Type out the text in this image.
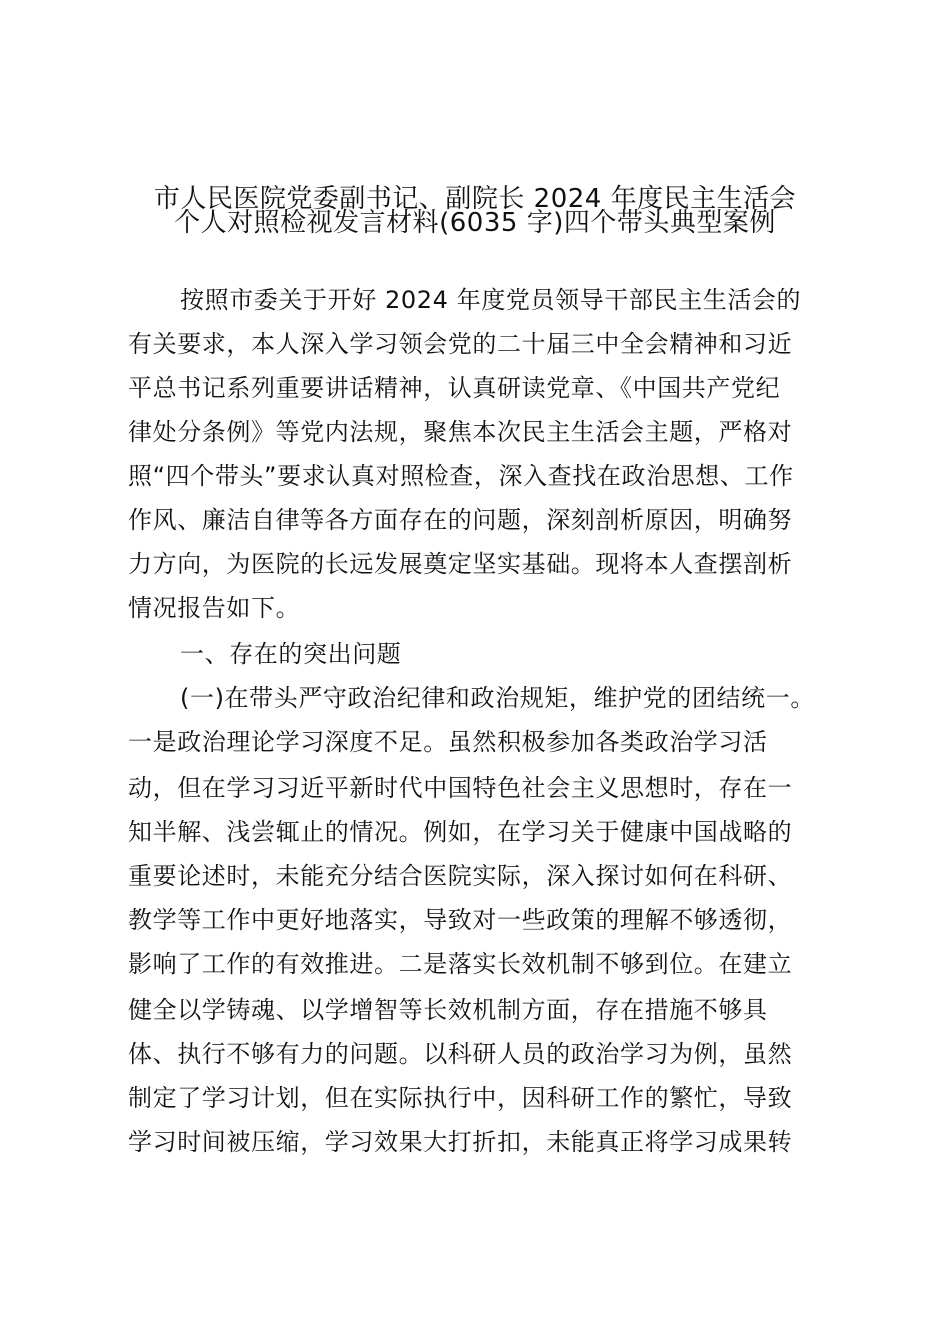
市人民医院党委副书记、副院长 2024 年度民主生活会
个人对照检视发言材料(6035 字)四个带头典型案例
按照市委关于开好 2024 年度党员领导干部民主生活会的
有关要求，本人深入学习领会党的二十届三中全会精神和习近
平总书记系列重要讲话精神，认真研读党章、《中国共产党纪
律处分条例》等党内法规，聚焦本次民主生活会主题，严格对
照“四个带头”要求认真对照检查，深入查找在政治思想、工作
作风、廉洁自律等各方面存在的问题，深刻剖析原因，明确努
力方向，为医院的长远发展奠定坚实基础。现将本人查摆剖析
情况报告如下。
一、存在的突出问题
(一)在带头严守政治纪律和政治规矩，维护党的团结统一。
一是政治理论学习深度不足。虽然积极参加各类政治学习活
动，但在学习习近平新时代中国特色社会主义思想时，存在一
知半解、浅尝辄止的情况。例如，在学习关于健康中国战略的
重要论述时，未能充分结合医院实际，深入探讨如何在科研、
教学等工作中更好地落实，导致对一些政策的理解不够透彻，
影响了工作的有效推进。二是落实长效机制不够到位。在建立
健全以学铸魂、以学增智等长效机制方面，存在措施不够具
体、执行不够有力的问题。以科研人员的政治学习为例，虽然
制定了学习计划，但在实际执行中，因科研工作的繁忙，导致
学习时间被压缩，学习效果大打折扣，未能真正将学习成果转
